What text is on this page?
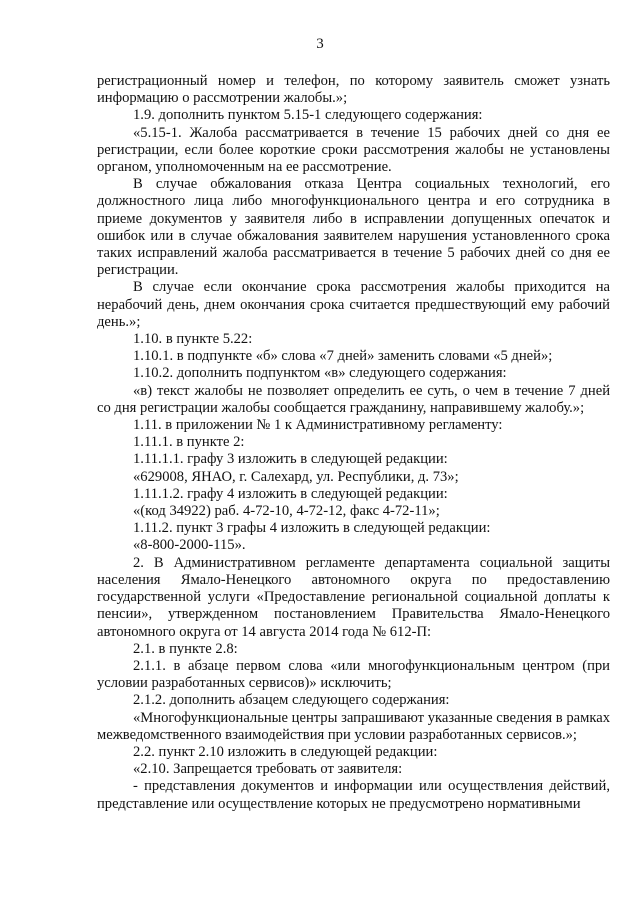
3

регистрационный номер и телефон, по которому заявитель сможет узнать информацию о рассмотрении жалобы.»;

1.9. дополнить пунктом 5.15-1 следующего содержания:

«5.15-1. Жалоба рассматривается в течение 15 рабочих дней со дня ее регистрации, если более короткие сроки рассмотрения жалобы не установлены органом, уполномоченным на ее рассмотрение.

В случае обжалования отказа Центра социальных технологий, его должностного лица либо многофункционального центра и его сотрудника в приеме документов у заявителя либо в исправлении допущенных опечаток и ошибок или в случае обжалования заявителем нарушения установленного срока таких исправлений жалоба рассматривается в течение 5 рабочих дней со дня ее регистрации.

В случае если окончание срока рассмотрения жалобы приходится на нерабочий день, днем окончания срока считается предшествующий ему рабочий день.»;

1.10. в пункте 5.22:

1.10.1. в подпункте «б» слова «7 дней» заменить словами «5 дней»;

1.10.2. дополнить подпунктом «в» следующего содержания:

«в) текст жалобы не позволяет определить ее суть, о чем в течение 7 дней со дня регистрации жалобы сообщается гражданину, направившему жалобу.»;

1.11. в приложении № 1 к Административному регламенту:

1.11.1. в пункте 2:

1.11.1.1. графу 3 изложить в следующей редакции:

«629008, ЯНАО, г. Салехард, ул. Республики, д. 73»;

1.11.1.2. графу 4 изложить в следующей редакции:

«(код 34922) раб. 4-72-10, 4-72-12, факс 4-72-11»;

1.11.2. пункт 3 графы 4 изложить в следующей редакции:

«8-800-2000-115».

2. В Административном регламенте департамента социальной защиты населения Ямало-Ненецкого автономного округа по предоставлению государственной услуги «Предоставление региональной социальной доплаты к пенсии», утвержденном постановлением Правительства Ямало-Ненецкого автономного округа от 14 августа 2014 года № 612-П:

2.1. в пункте 2.8:

2.1.1. в абзаце первом слова «или многофункциональным центром (при условии разработанных сервисов)» исключить;

2.1.2. дополнить абзацем следующего содержания:

«Многофункциональные центры запрашивают указанные сведения в рамках межведомственного взаимодействия при условии разработанных сервисов.»;

2.2. пункт 2.10 изложить в следующей редакции:

«2.10. Запрещается требовать от заявителя:

- представления документов и информации или осуществления действий, представление или осуществление которых не предусмотрено нормативными
